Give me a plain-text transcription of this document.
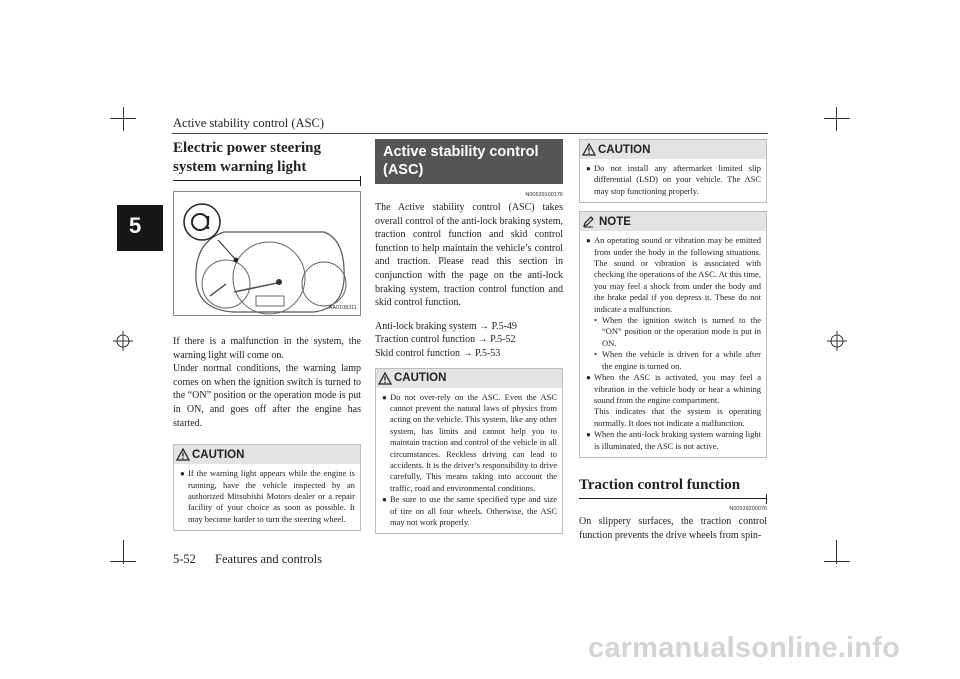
Active stability control (ASC)
5
Electric power steering system warning light
!
AA0108311

If there is a malfunction in the system, the warning light will come on.

Under normal conditions, the warning lamp comes on when the ignition switch is turned to the “ON” position or the operation mode is put in ON, and goes off after the engine has started.

CAUTION
● If the warning light appears while the engine is running, have the vehicle inspected by an authorized Mitsubishi Motors dealer or a repair facility of your choice as soon as possible. It may become harder to turn the steering wheel.
Active stability control (ASC)
N00539100176
The Active stability control (ASC) takes overall control of the anti-lock braking system, traction control function and skid control function to help maintain the vehicle’s control and traction. Please read this section in conjunction with the page on the anti-lock braking system, traction control function and skid control function.
Anti-lock braking system → P.5-49
Traction control function → P.5-52
Skid control function → P.5-53
CAUTION
● Do not over-rely on the ASC. Even the ASC cannot prevent the natural laws of physics from acting on the vehicle. This system, like any other system, has limits and cannot help you to maintain traction and control of the vehicle in all circumstances. Reckless driving can lead to accidents. It is the driver’s responsibility to drive carefully, This means taking into account the traffic, road and environmental conditions.
● Be sure to use the same specified type and size of tire on all four wheels. Otherwise, the ASC may not work properly.
CAUTION
● Do not install any aftermarket limited slip differential (LSD) on your vehicle. The ASC may stop functioning properly.
NOTE
● An operating sound or vibration may be emitted from under the body in the following situations. The sound or vibration is associated with checking the operations of the ASC. At this time, you may feel a shock from under the body and the brake pedal if you depress it. These do not indicate a malfunction.
• When the ignition switch is turned to the “ON” position or the operation mode is put in ON.
• When the vehicle is driven for a while after the engine is turned on.
● When the ASC is activated, you may feel a vibration in the vehicle body or hear a whining sound from the engine compartment.
This indicates that the system is operating normally. It does not indicate a malfunction.
● When the anti-lock braking system warning light is illuminated, the ASC is not active.
Traction control function
N00539200076
On slippery surfaces, the traction control function prevents the drive wheels from spin-
5-52 Features and controls
carmanualsonline.info
